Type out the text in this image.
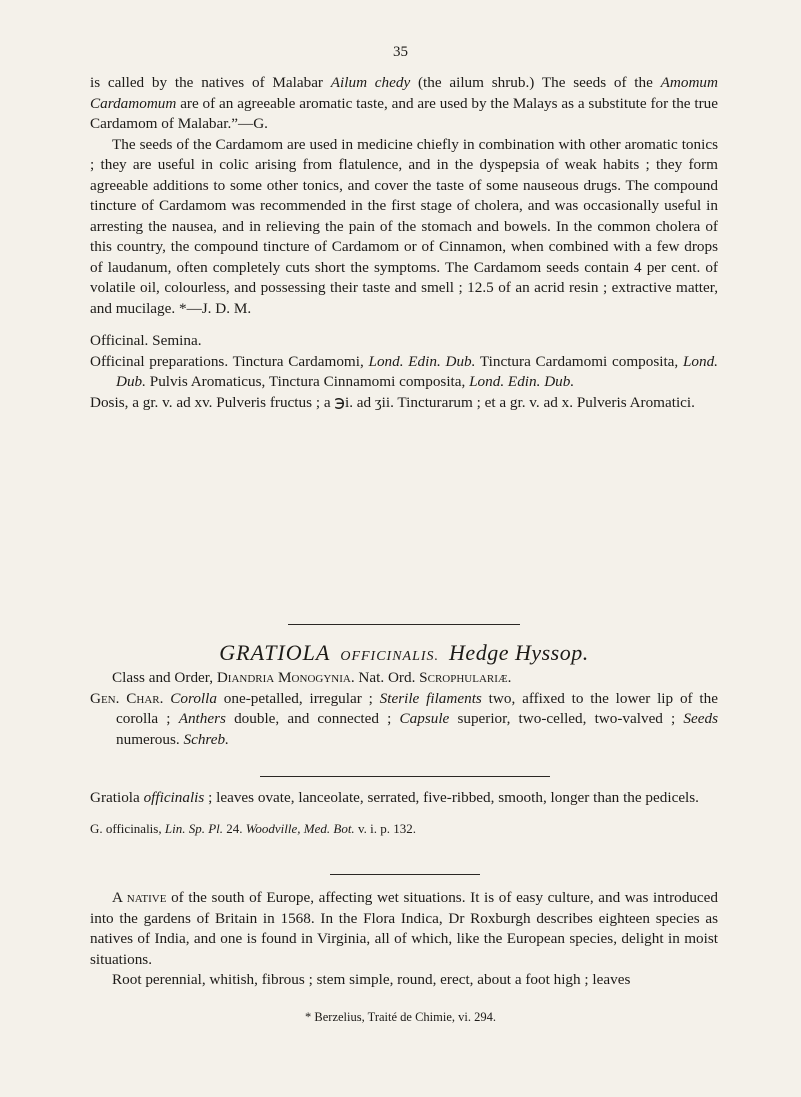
35

is called by the natives of Malabar Ailum chedy (the ailum shrub.) The seeds of the Amomum Cardamomum are of an agreeable aromatic taste, and are used by the Malays as a substitute for the true Cardamom of Malabar.”—G.

The seeds of the Cardamom are used in medicine chiefly in combination with other aromatic tonics ; they are useful in colic arising from flatulence, and in the dyspepsia of weak habits ; they form agreeable additions to some other tonics, and cover the taste of some nauseous drugs. The compound tincture of Cardamom was recommended in the first stage of cholera, and was occasionally useful in arresting the nausea, and in relieving the pain of the stomach and bowels. In the common cholera of this country, the compound tincture of Cardamom or of Cinnamon, when combined with a few drops of laudanum, often completely cuts short the symptoms. The Cardamom seeds contain 4 per cent. of volatile oil, colourless, and possessing their taste and smell ; 12.5 of an acrid resin ; extractive matter, and mucilage. *—J. D. M.

Officinal. Semina.

Officinal preparations. Tinctura Cardamomi, Lond. Edin. Dub. Tinctura Cardamomi composita, Lond. Dub. Pulvis Aromaticus, Tinctura Cinnamomi composita, Lond. Edin. Dub.

Dosis, a gr. v. ad xv. Pulveris fructus ; a ℈i. ad ʒii. Tincturarum ; et a gr. v. ad x. Pulveris Aromatici.

GRATIOLA OFFICINALIS. Hedge Hyssop.

Class and Order, Diandria Monogynia. Nat. Ord. Scrophulariæ.

Gen. Char. Corolla one-petalled, irregular ; Sterile filaments two, affixed to the lower lip of the corolla ; Anthers double, and connected ; Capsule superior, two-celled, two-valved ; Seeds numerous. Schreb.

Gratiola officinalis ; leaves ovate, lanceolate, serrated, five-ribbed, smooth, longer than the pedicels.

G. officinalis, Lin. Sp. Pl. 24. Woodville, Med. Bot. v. i. p. 132.

A native of the south of Europe, affecting wet situations. It is of easy culture, and was introduced into the gardens of Britain in 1568. In the Flora Indica, Dr Roxburgh describes eighteen species as natives of India, and one is found in Virginia, all of which, like the European species, delight in moist situations.

Root perennial, whitish, fibrous ; stem simple, round, erect, about a foot high ; leaves

* Berzelius, Traité de Chimie, vi. 294.
